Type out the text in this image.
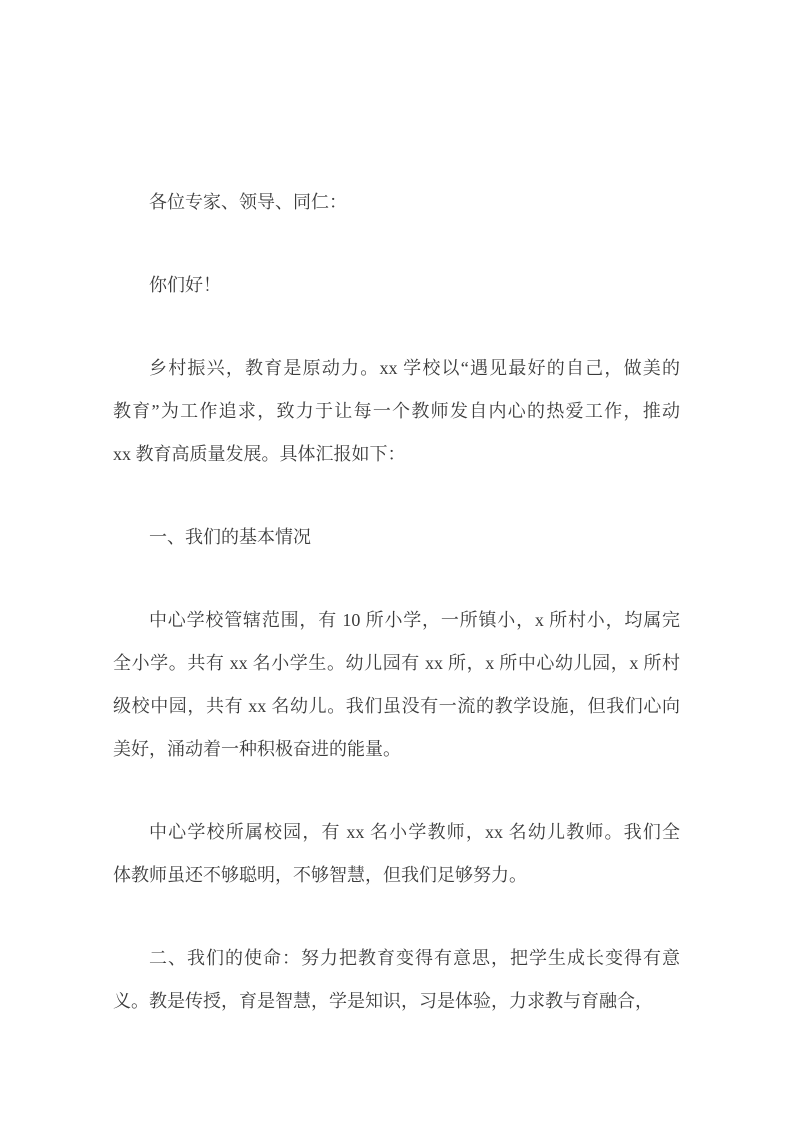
各位专家、领导、同仁：

你们好！

乡村振兴，教育是原动力。xx 学校以“遇见最好的自己，做美的
教育”为工作追求，致力于让每一个教师发自内心的热爱工作，推动
xx 教育高质量发展。具体汇报如下：

一、我们的基本情况

中心学校管辖范围，有 10 所小学，一所镇小，x 所村小，均属完
全小学。共有 xx 名小学生。幼儿园有 xx 所，x 所中心幼儿园，x 所村
级校中园，共有 xx 名幼儿。我们虽没有一流的教学设施，但我们心向
美好，涌动着一种积极奋进的能量。

中心学校所属校园，有 xx 名小学教师，xx 名幼儿教师。我们全
体教师虽还不够聪明，不够智慧，但我们足够努力。

二、我们的使命：努力把教育变得有意思，把学生成长变得有意
义。教是传授，育是智慧，学是知识，习是体验，力求教与育融合，
